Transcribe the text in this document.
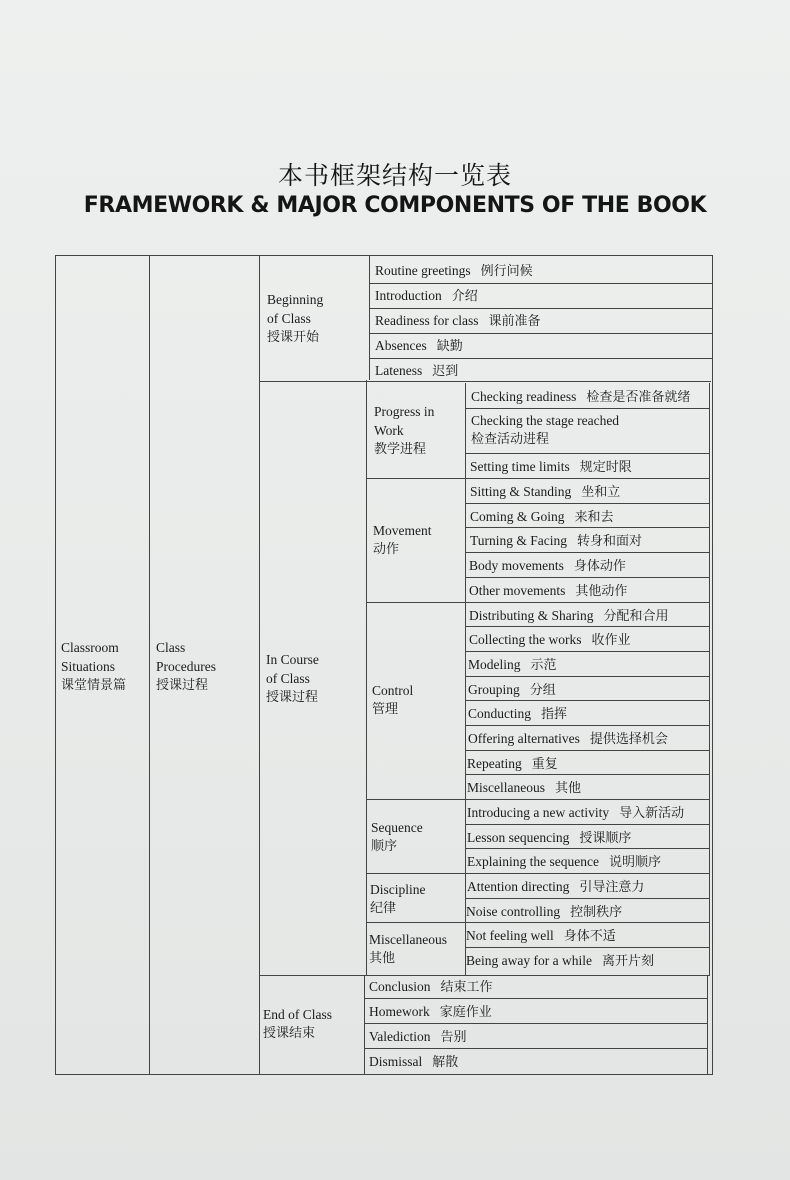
本书框架结构一览表
FRAMEWORK & MAJOR COMPONENTS OF THE BOOK
Classroom
Situations
课堂情景篇
Class
Procedures
授课过程
Beginning
of Class
授课开始
In Course
of Class
授课过程
End of Class
授课结束
Progress in
Work
教学进程
Movement
动作
Control
管理
Sequence
顺序
Discipline
纪律
Miscellaneous
其他
Routine greetings 例行问候
Introduction 介绍
Readiness for class 课前准备
Absences 缺勤
Lateness 迟到
Checking readiness 检查是否准备就绪
Checking the stage reached
检查活动进程
Setting time limits 规定时限
Sitting & Standing 坐和立
Coming & Going 来和去
Turning & Facing 转身和面对
Body movements 身体动作
Other movements 其他动作
Distributing & Sharing 分配和合用
Collecting the works 收作业
Modeling 示范
Grouping 分组
Conducting 指挥
Offering alternatives 提供选择机会
Repeating 重复
Miscellaneous 其他
Introducing a new activity 导入新活动
Lesson sequencing 授课顺序
Explaining the sequence 说明顺序
Attention directing 引导注意力
Noise controlling 控制秩序
Not feeling well 身体不适
Being away for a while 离开片刻
Conclusion 结束工作
Homework 家庭作业
Valediction 告别
Dismissal 解散
